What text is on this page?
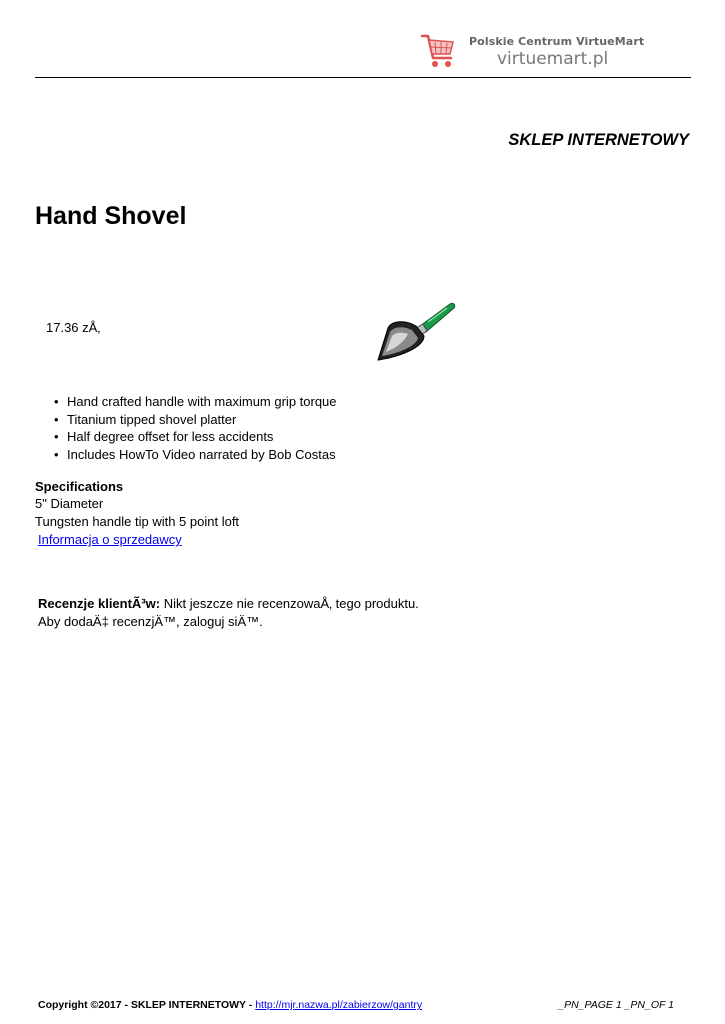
Polskie Centrum VirtueMart
virtuemart.pl
SKLEP INTERNETOWY
Hand Shovel
17.36 zÅ‚
• Hand crafted handle with maximum grip torque
• Titanium tipped shovel platter
• Half degree offset for less accidents
• Includes HowTo Video narrated by Bob Costas
Specifications
5" Diameter
Tungsten handle tip with 5 point loft
Informacja o sprzedawcy
Recenzje klientÃ³w: Nikt jeszcze nie recenzowaÅ‚ tego produktu.
Aby dodaÄ‡ recenzjÄ™, zaloguj siÄ™.
Copyright ©2017 - SKLEP INTERNETOWY - http://mjr.nazwa.pl/zabierzow/gantry	_PN_PAGE 1 _PN_OF 1
